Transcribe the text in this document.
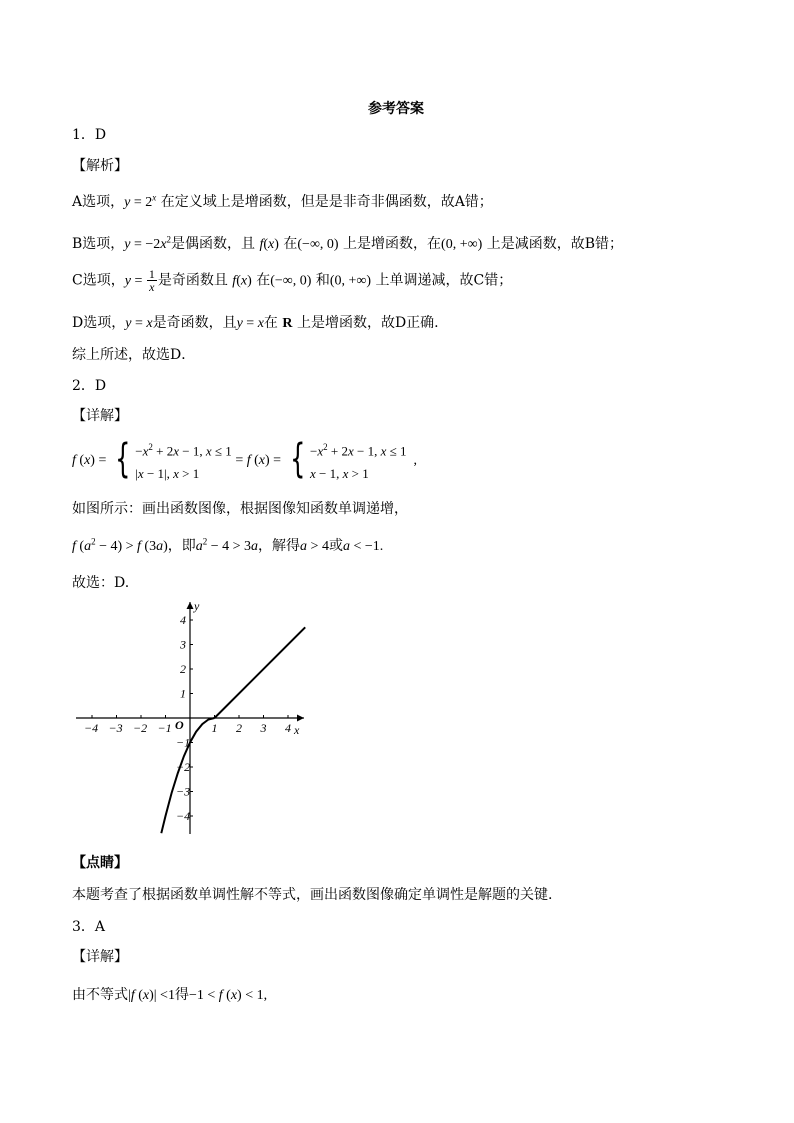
参考答案
1．D
【解析】
A选项，$y = 2^x$ 在定义域上是增函数，但是是非奇非偶函数，故A错；
B选项，$y = -2x^2$是偶函数，且 f(x) 在(−∞, 0) 上是增函数，在(0, +∞) 上是减函数，故B错；
C选项，$y = \frac{1}{x}$ 是奇函数且 f(x) 在(−∞, 0) 和(0, +∞) 上单调递减，故C错；
D选项，y = x是奇函数，且y = x在 R 上是增函数，故D正确.
综上所述，故选D．
2．D
【详解】
f ( x ) = { $-x^2 + 2x - 1$, x ≤ 1
|x − 1|, x > 1
= f ( x ) = { $-x^2 + 2x - 1$, x ≤ 1
x − 1, x > 1
,
如图所示：画出函数图像，根据图像知函数单调递增，
f $(a^2 - 4) > f$ (3a)，即$a^2 - 4 > 3a$，解得a > 4或a < −1.
故选：D.
−4 −3 −2 −1	1 2 3 4
4
3
2
1
−1
−2
−3
−4
x
y
O
【点睛】
本题考查了根据函数单调性解不等式，画出函数图像确定单调性是解题的关键.
3．A
【详解】
由不等式|f (x)| <1得−1 < f (x) < 1,
